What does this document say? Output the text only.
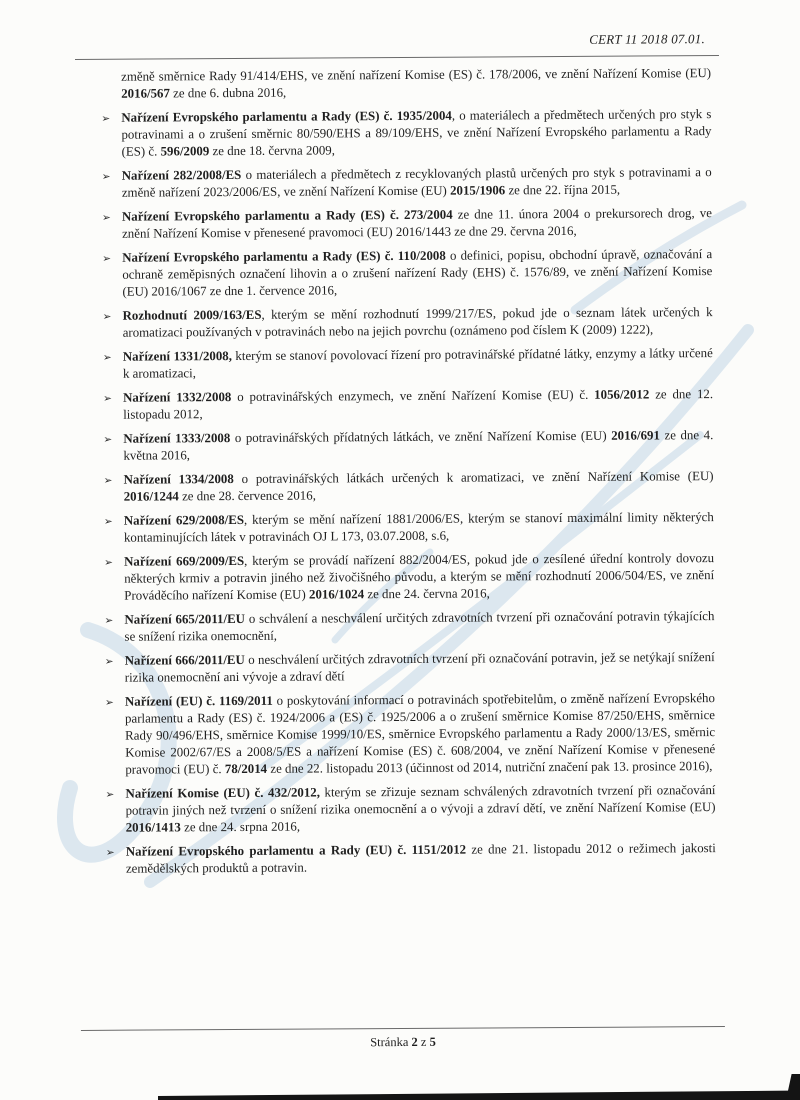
CERT 11 2018 07.01.

změně směrnice Rady 91/414/EHS, ve znění nařízení Komise (ES) č. 178/2006, ve znění Nařízení Komise (EU) 2016/567 ze dne 6. dubna 2016,

➢ Nařízení Evropského parlamentu a Rady (ES) č. 1935/2004, o materiálech a předmětech určených pro styk s potravinami a o zrušení směrnic 80/590/EHS a 89/109/EHS, ve znění Nařízení Evropského parlamentu a Rady (ES) č. 596/2009 ze dne 18. června 2009,
➢ Nařízení 282/2008/ES o materiálech a předmětech z recyklovaných plastů určených pro styk s potravinami a o změně nařízení 2023/2006/ES, ve znění Nařízení Komise (EU) 2015/1906 ze dne 22. října 2015,
➢ Nařízení Evropského parlamentu a Rady (ES) č. 273/2004 ze dne 11. února 2004 o prekursorech drog, ve znění Nařízení Komise v přenesené pravomoci (EU) 2016/1443 ze dne 29. června 2016,
➢ Nařízení Evropského parlamentu a Rady (ES) č. 110/2008 o definici, popisu, obchodní úpravě, označování a ochraně zeměpisných označení lihovin a o zrušení nařízení Rady (EHS) č. 1576/89, ve znění Nařízení Komise (EU) 2016/1067 ze dne 1. července 2016,
➢ Rozhodnutí 2009/163/ES, kterým se mění rozhodnutí 1999/217/ES, pokud jde o seznam látek určených k aromatizaci používaných v potravinách nebo na jejich povrchu (oznámeno pod číslem K (2009) 1222),
➢ Nařízení 1331/2008, kterým se stanoví povolovací řízení pro potravinářské přídatné látky, enzymy a látky určené k aromatizaci,
➢ Nařízení 1332/2008 o potravinářských enzymech, ve znění Nařízení Komise (EU) č. 1056/2012 ze dne 12. listopadu 2012,
➢ Nařízení 1333/2008 o potravinářských přídatných látkách, ve znění Nařízení Komise (EU) 2016/691 ze dne 4. května 2016,
➢ Nařízení 1334/2008 o potravinářských látkách určených k aromatizaci, ve znění Nařízení Komise (EU) 2016/1244 ze dne 28. července 2016,
➢ Nařízení 629/2008/ES, kterým se mění nařízení 1881/2006/ES, kterým se stanoví maximální limity některých kontaminujících látek v potravinách OJ L 173, 03.07.2008, s.6,
➢ Nařízení 669/2009/ES, kterým se provádí nařízení 882/2004/ES, pokud jde o zesílené úřední kontroly dovozu některých krmiv a potravin jiného než živočišného původu, a kterým se mění rozhodnutí 2006/504/ES, ve znění Prováděcího nařízení Komise (EU) 2016/1024 ze dne 24. června 2016,
➢ Nařízení 665/2011/EU o schválení a neschválení určitých zdravotních tvrzení při označování potravin týkajících se snížení rizika onemocnění,
➢ Nařízení 666/2011/EU o neschválení určitých zdravotních tvrzení při označování potravin, jež se netýkají snížení rizika onemocnění ani vývoje a zdraví dětí
➢ Nařízení (EU) č. 1169/2011 o poskytování informací o potravinách spotřebitelům, o změně nařízení Evropského parlamentu a Rady (ES) č. 1924/2006 a (ES) č. 1925/2006 a o zrušení směrnice Komise 87/250/EHS, směrnice Rady 90/496/EHS, směrnice Komise 1999/10/ES, směrnice Evropského parlamentu a Rady 2000/13/ES, směrnic Komise 2002/67/ES a 2008/5/ES a nařízení Komise (ES) č. 608/2004, ve znění Nařízení Komise v přenesené pravomoci (EU) č. 78/2014 ze dne 22. listopadu 2013 (účinnost od 2014, nutriční značení pak 13. prosince 2016),
➢ Nařízení Komise (EU) č. 432/2012, kterým se zřizuje seznam schválených zdravotních tvrzení při označování potravin jiných než tvrzení o snížení rizika onemocnění a o vývoji a zdraví dětí, ve znění Nařízení Komise (EU) 2016/1413 ze dne 24. srpna 2016,
➢ Nařízení Evropského parlamentu a Rady (EU) č. 1151/2012 ze dne 21. listopadu 2012 o režimech jakosti zemědělských produktů a potravin.

Stránka 2 z 5
